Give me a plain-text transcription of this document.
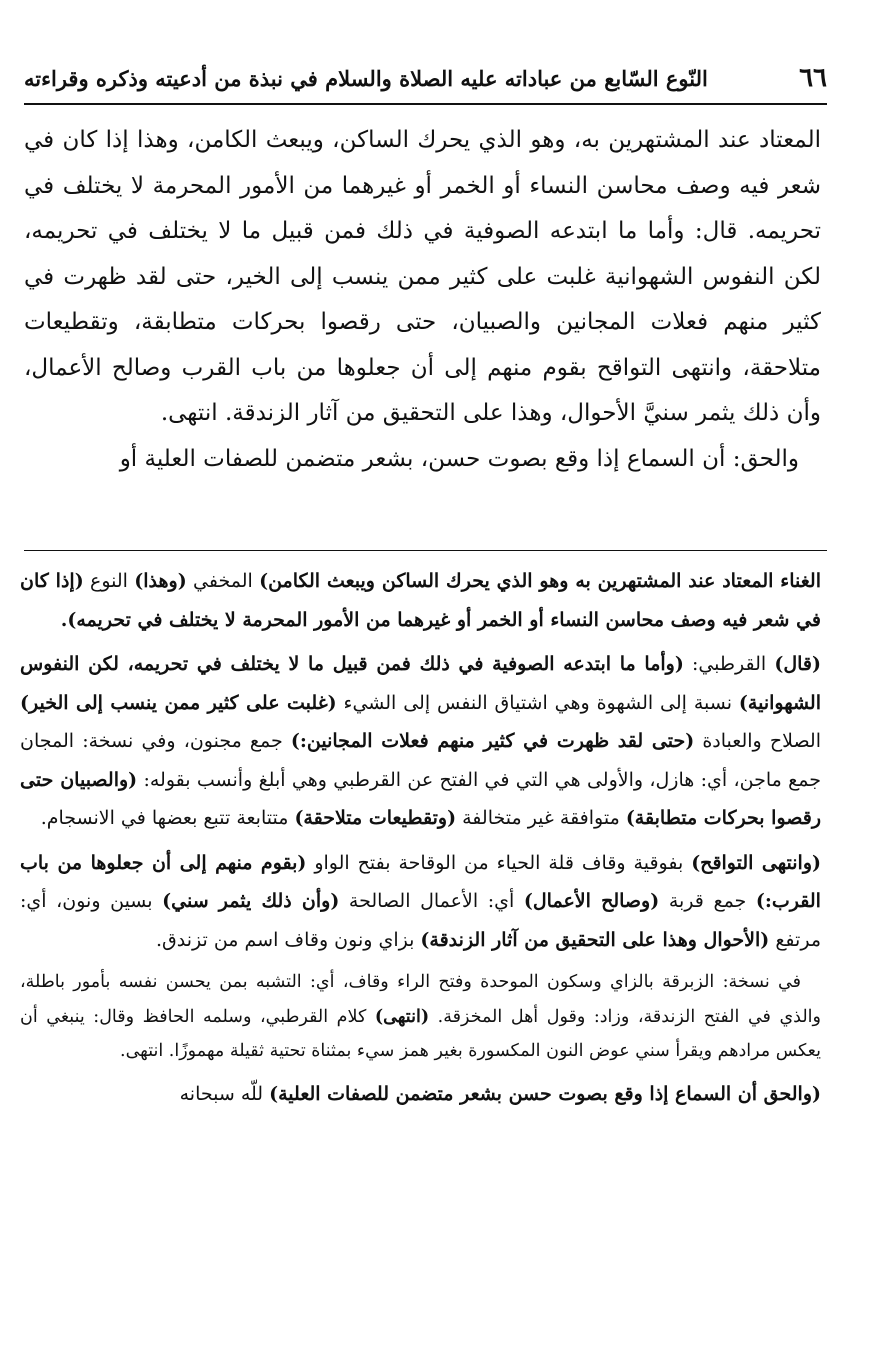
٦٦
النّوع السّابع من عباداته عليه الصلاة والسلام في نبذة من أدعيته وذكره وقراءته

المعتاد عند المشتهرين به، وهو الذي يحرك الساكن، ويبعث الكامن، وهذا إذا كان في شعر فيه وصف محاسن النساء أو الخمر أو غيرهما من الأمور المحرمة لا يختلف في تحريمه. قال: وأما ما ابتدعه الصوفية في ذلك فمن قبيل ما لا يختلف في تحريمه، لكن النفوس الشهوانية غلبت على كثير ممن ينسب إلى الخير، حتى لقد ظهرت في كثير منهم فعلات المجانين والصبيان، حتى رقصوا بحركات متطابقة، وتقطيعات متلاحقة، وانتهى التواقح بقوم منهم إلى أن جعلوها من باب القرب وصالح الأعمال، وأن ذلك يثمر سنيَّ الأحوال، وهذا على التحقيق من آثار الزندقة. انتهى.

والحق: أن السماع إذا وقع بصوت حسن، بشعر متضمن للصفات العلية أو

الغناء المعتاد عند المشتهرين به وهو الذي يحرك الساكن ويبعث الكامن) المخفي (وهذا) النوع (إذا كان في شعر فيه وصف محاسن النساء أو الخمر أو غيرهما من الأمور المحرمة لا يختلف في تحريمه).

(قال) القرطبي: (وأما ما ابتدعه الصوفية في ذلك فمن قبيل ما لا يختلف في تحريمه، لكن النفوس الشهوانية) نسبة إلى الشهوة وهي اشتياق النفس إلى الشيء (غلبت على كثير ممن ينسب إلى الخير) الصلاح والعبادة (حتى لقد ظهرت في كثير منهم فعلات المجانين:) جمع مجنون، وفي نسخة: المجان جمع ماجن، أي: هازل، والأولى هي التي في الفتح عن القرطبي وهي أبلغ وأنسب بقوله: (والصبيان حتى رقصوا بحركات متطابقة) متوافقة غير متخالفة (وتقطيعات متلاحقة) متتابعة تتبع بعضها في الانسجام.

(وانتهى التواقح) بفوقية وقاف قلة الحياء من الوقاحة بفتح الواو (بقوم منهم إلى أن جعلوها من باب القرب:) جمع قربة (وصالح الأعمال) أي: الأعمال الصالحة (وأن ذلك يثمر سني) بسين ونون، أي: مرتفع (الأحوال وهذا على التحقيق من آثار الزندقة) بزاي ونون وقاف اسم من تزندق.

في نسخة: الزبرقة بالزاي وسكون الموحدة وفتح الراء وقاف، أي: التشبه بمن يحسن نفسه بأمور باطلة، والذي في الفتح الزندقة، وزاد: وقول أهل المخزقة. (انتهى) كلام القرطبي، وسلمه الحافظ وقال: ينبغي أن يعكس مرادهم ويقرأ سني عوض النون المكسورة بغير همز سيء بمثناة تحتية ثقيلة مهموزًا. انتهى.

(والحق أن السماع إذا وقع بصوت حسن بشعر متضمن للصفات العلية) للّه سبحانه
